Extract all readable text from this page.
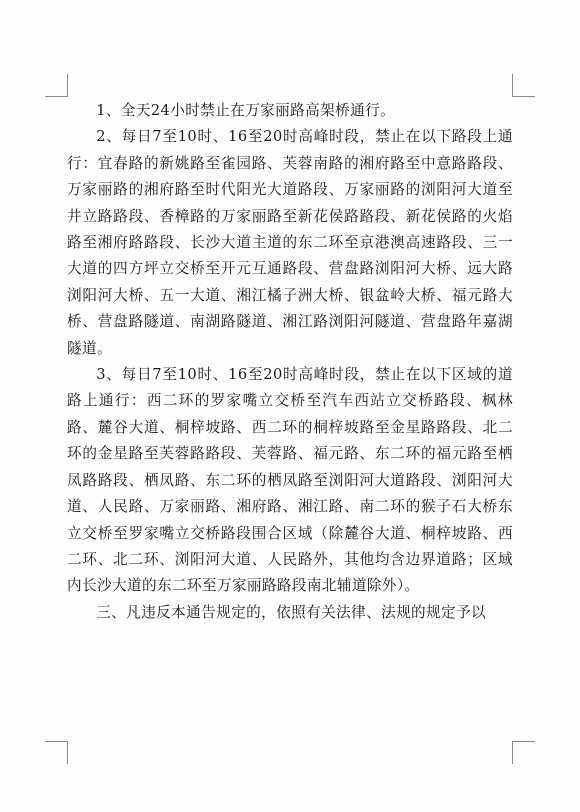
1、全天24小时禁止在万家丽路高架桥通行。

2、每日7至10时、16至20时高峰时段，禁止在以下路段上通行：宜春路的新姚路至雀园路、芙蓉南路的湘府路至中意路路段、万家丽路的湘府路至时代阳光大道路段、万家丽路的浏阳河大道至井立路路段、香樟路的万家丽路至新花侯路路段、新花侯路的火焰路至湘府路路段、长沙大道主道的东二环至京港澳高速路段、三一大道的四方坪立交桥至开元互通路段、营盘路浏阳河大桥、远大路浏阳河大桥、五一大道、湘江橘子洲大桥、银盆岭大桥、福元路大桥、营盘路隧道、南湖路隧道、湘江路浏阳河隧道、营盘路年嘉湖隧道。

3、每日7至10时、16至20时高峰时段，禁止在以下区域的道路上通行：西二环的罗家嘴立交桥至汽车西站立交桥路段、枫林路、麓谷大道、桐梓坡路、西二环的桐梓坡路至金星路路段、北二环的金星路至芙蓉路路段、芙蓉路、福元路、东二环的福元路至栖凤路路段、栖凤路、东二环的栖凤路至浏阳河大道路段、浏阳河大道、人民路、万家丽路、湘府路、湘江路、南二环的猴子石大桥东立交桥至罗家嘴立交桥路段围合区域（除麓谷大道、桐梓坡路、西二环、北二环、浏阳河大道、人民路外，其他均含边界道路；区域内长沙大道的东二环至万家丽路路段南北辅道除外）。

三、凡违反本通告规定的，依照有关法律、法规的规定予以
